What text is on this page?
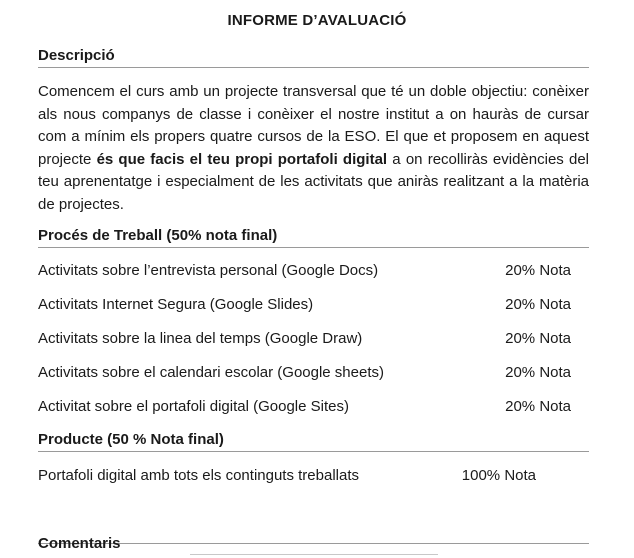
INFORME D’AVALUACIÓ
Descripció
Comencem el curs amb un projecte transversal que té un doble objectiu: conèixer als nous companys de classe i conèixer el nostre institut a on hauràs de cursar com a mínim els propers quatre cursos de la ESO. El que et proposem en aquest projecte és que facis el teu propi portafoli digital a on recolliràs evidències del teu aprenentatge i especialment de les activitats que aniràs realitzant a la matèria de projectes.
Procés de Treball (50% nota final)
Activitats sobre l’entrevista personal (Google Docs)	20% Nota
Activitats Internet Segura (Google Slides)	20% Nota
Activitats sobre la linea del temps (Google Draw)	20% Nota
Activitats sobre el calendari escolar (Google sheets)	20% Nota
Activitat sobre el portafoli digital (Google Sites)	20% Nota
Producte (50 % Nota final)
Portafoli digital amb tots els continguts treballats	100% Nota
Comentaris
